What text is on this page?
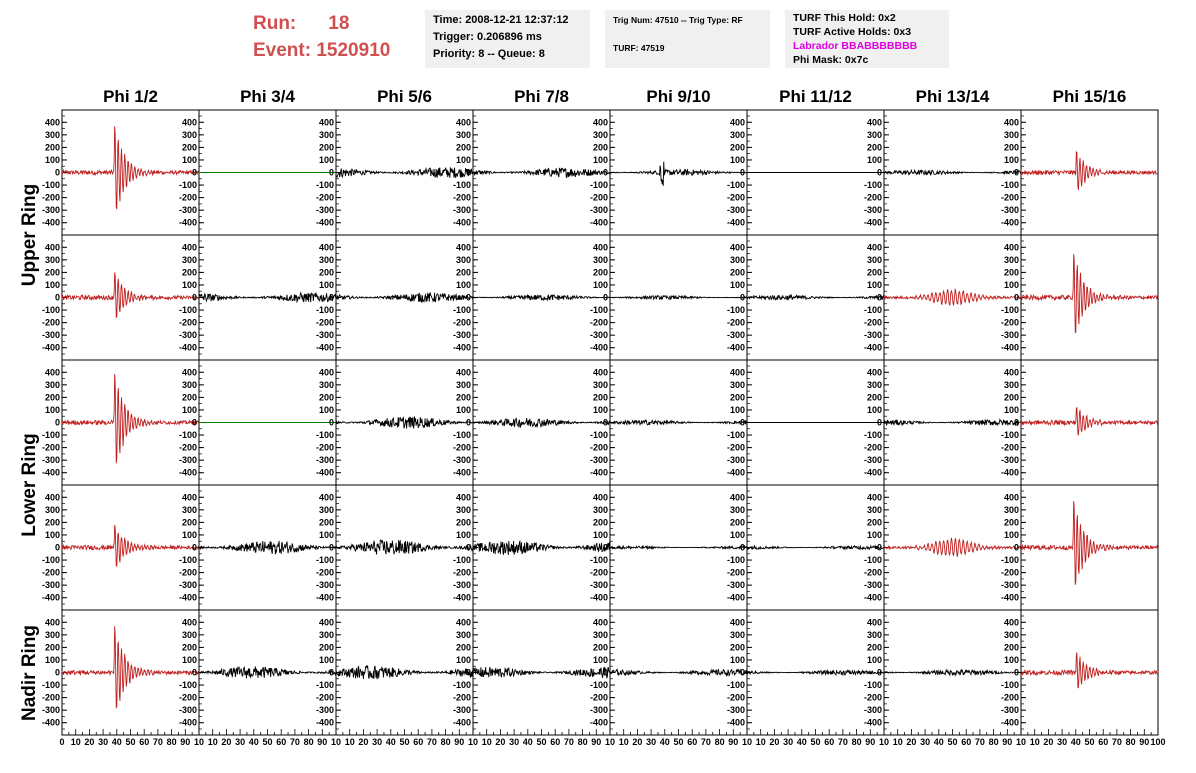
Run: 18
Event: 1520910
Time: 2008-12-21 12:37:12
Trigger: 0.206896 ms
Priority: 8 -- Queue: 8
Trig Num: 47510 -- Trig Type: RF
TURF: 47519
TURF This Hold: 0x2
TURF Active Holds: 0x3
Labrador BBABBBBBBB
Phi Mask: 0x7c
Phi 1/2	Phi 3/4	Phi 5/6	Phi 7/8	Phi 9/10	Phi 11/12	Phi 13/14	Phi 15/16
Upper Ring
Lower Ring
Nadir Ring
-400
-300
-200
-100
0
100
200
300
400
-400
-300
-200
-100
0
100
200
300
400
-400
-300
-200
-100
0
100
200
300
400
-400
-300
-200
-100
0
100
200
300
400
-400
-300
-200
-100
0
100
200
300
400
-400
-300
-200
-100
0
100
200
300
400
-400
-300
-200
-100
0
100
200
300
400
-400
-300
-200
-100
0
100
200
300
400
-400
-300
-200
-100
0
100
200
300
400
-400
-300
-200
-100
0
100
200
300
400
-400
-300
-200
-100
0
100
200
300
400
-400
-300
-200
-100
0
100
200
300
400
-400
-300
-200
-100
0
100
200
300
400
-400
-300
-200
-100
0
100
200
300
400
-400
-300
-200
-100
0
100
200
300
400
-400
-300
-200
-100
0
100
200
300
400
-400
-300
-200
-100
0
100
200
300
400
-400
-300
-200
-100
0
100
200
300
400
-400
-300
-200
-100
0
100
200
300
400
-400
-300
-200
-100
0
100
200
300
400
-400
-300
-200
-100
0
100
200
300
400
-400
-300
-200
-100
0
100
200
300
400
-400
-300
-200
-100
0
100
200
300
400
-400
-300
-200
-100
0
100
200
300
400
-400
-300
-200
-100
0
100
200
300
400
-400
-300
-200
-100
0
100
200
300
400
-400
-300
-200
-100
0
100
200
300
400
-400
-300
-200
-100
0
100
200
300
400
-400
-300
-200
-100
0
100
200
300
400
-400
-300
-200
-100
0
100
200
300
400
-400
-300
-200
-100
0
100
200
300
400
-400
-300
-200
-100
0
100
200
300
400
-400
-300
-200
-100
0
100
200
300
400
-400
-300
-200
-100
0
100
200
300
400
-400
-300
-200
-100
0
100
200
300
400
-400
-300
-200
-100
0
100
200
300
400
-400
-300
-200
-100
0
100
200
300
400
-400
-300
-200
-100
0
100
200
300
400
-400
-300
-200
-100
0
100
200
300
400
-400
-300
-200
-100
0
100
200
300
400
0 10 20 30 40 50 60 70 80 90 10 10 20 30 40 50 60 70 80 90 10 10 20 30 40 50 60 70 80 90 10 10 20 30 40 50 60 70 80 90 10 10 20 30 40 50 60 70 80 90 10 10 20 30 40 50 60 70 80 90 10 10 20 30 40 50 60 70 80 90 10 10 20 30 40 50 60 70 80 90 100
